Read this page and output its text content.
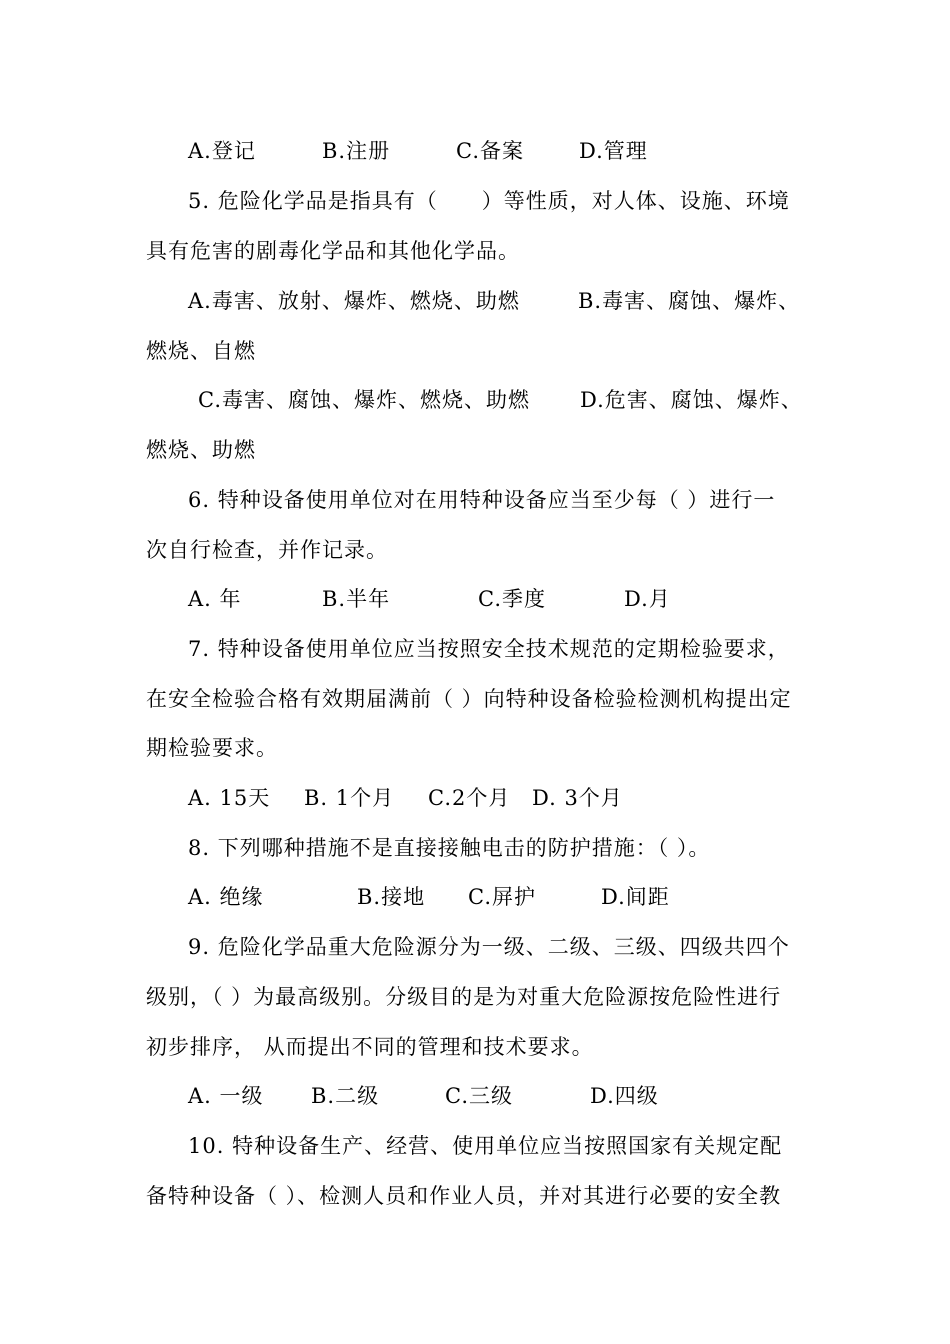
A.登记	B.注册	C.备案	D.管理
5. 危险化学品是指具有（　　）等性质，对人体、设施、环境
具有危害的剧毒化学品和其他化学品。
A.毒害、放射、爆炸、燃烧、助燃	B.毒害、腐蚀、爆炸、
燃烧、自燃
C.毒害、腐蚀、爆炸、燃烧、助燃 D.危害、腐蚀、爆炸、
燃烧、助燃
6. 特种设备使用单位对在用特种设备应当至少每（ ）进行一
次自行检查，并作记录。
A. 年	B.半年	C.季度	D.月
7. 特种设备使用单位应当按照安全技术规范的定期检验要求，
在安全检验合格有效期届满前（ ）向特种设备检验检测机构提出定
期检验要求。
A. 15天 B. 1个月 C.2个月 D. 3个月
8. 下列哪种措施不是直接接触电击的防护措施：（ ）。
A. 绝缘	B.接地 C.屏护	D.间距
9. 危险化学品重大危险源分为一级、二级、三级、四级共四个
级别，（ ）为最高级别。分级目的是为对重大危险源按危险性进行
初步排序， 从而提出不同的管理和技术要求。
A. 一级 B.二级	C.三级	D.四级
10. 特种设备生产、经营、使用单位应当按照国家有关规定配
备特种设备（ ）、检测人员和作业人员，并对其进行必要的安全教
